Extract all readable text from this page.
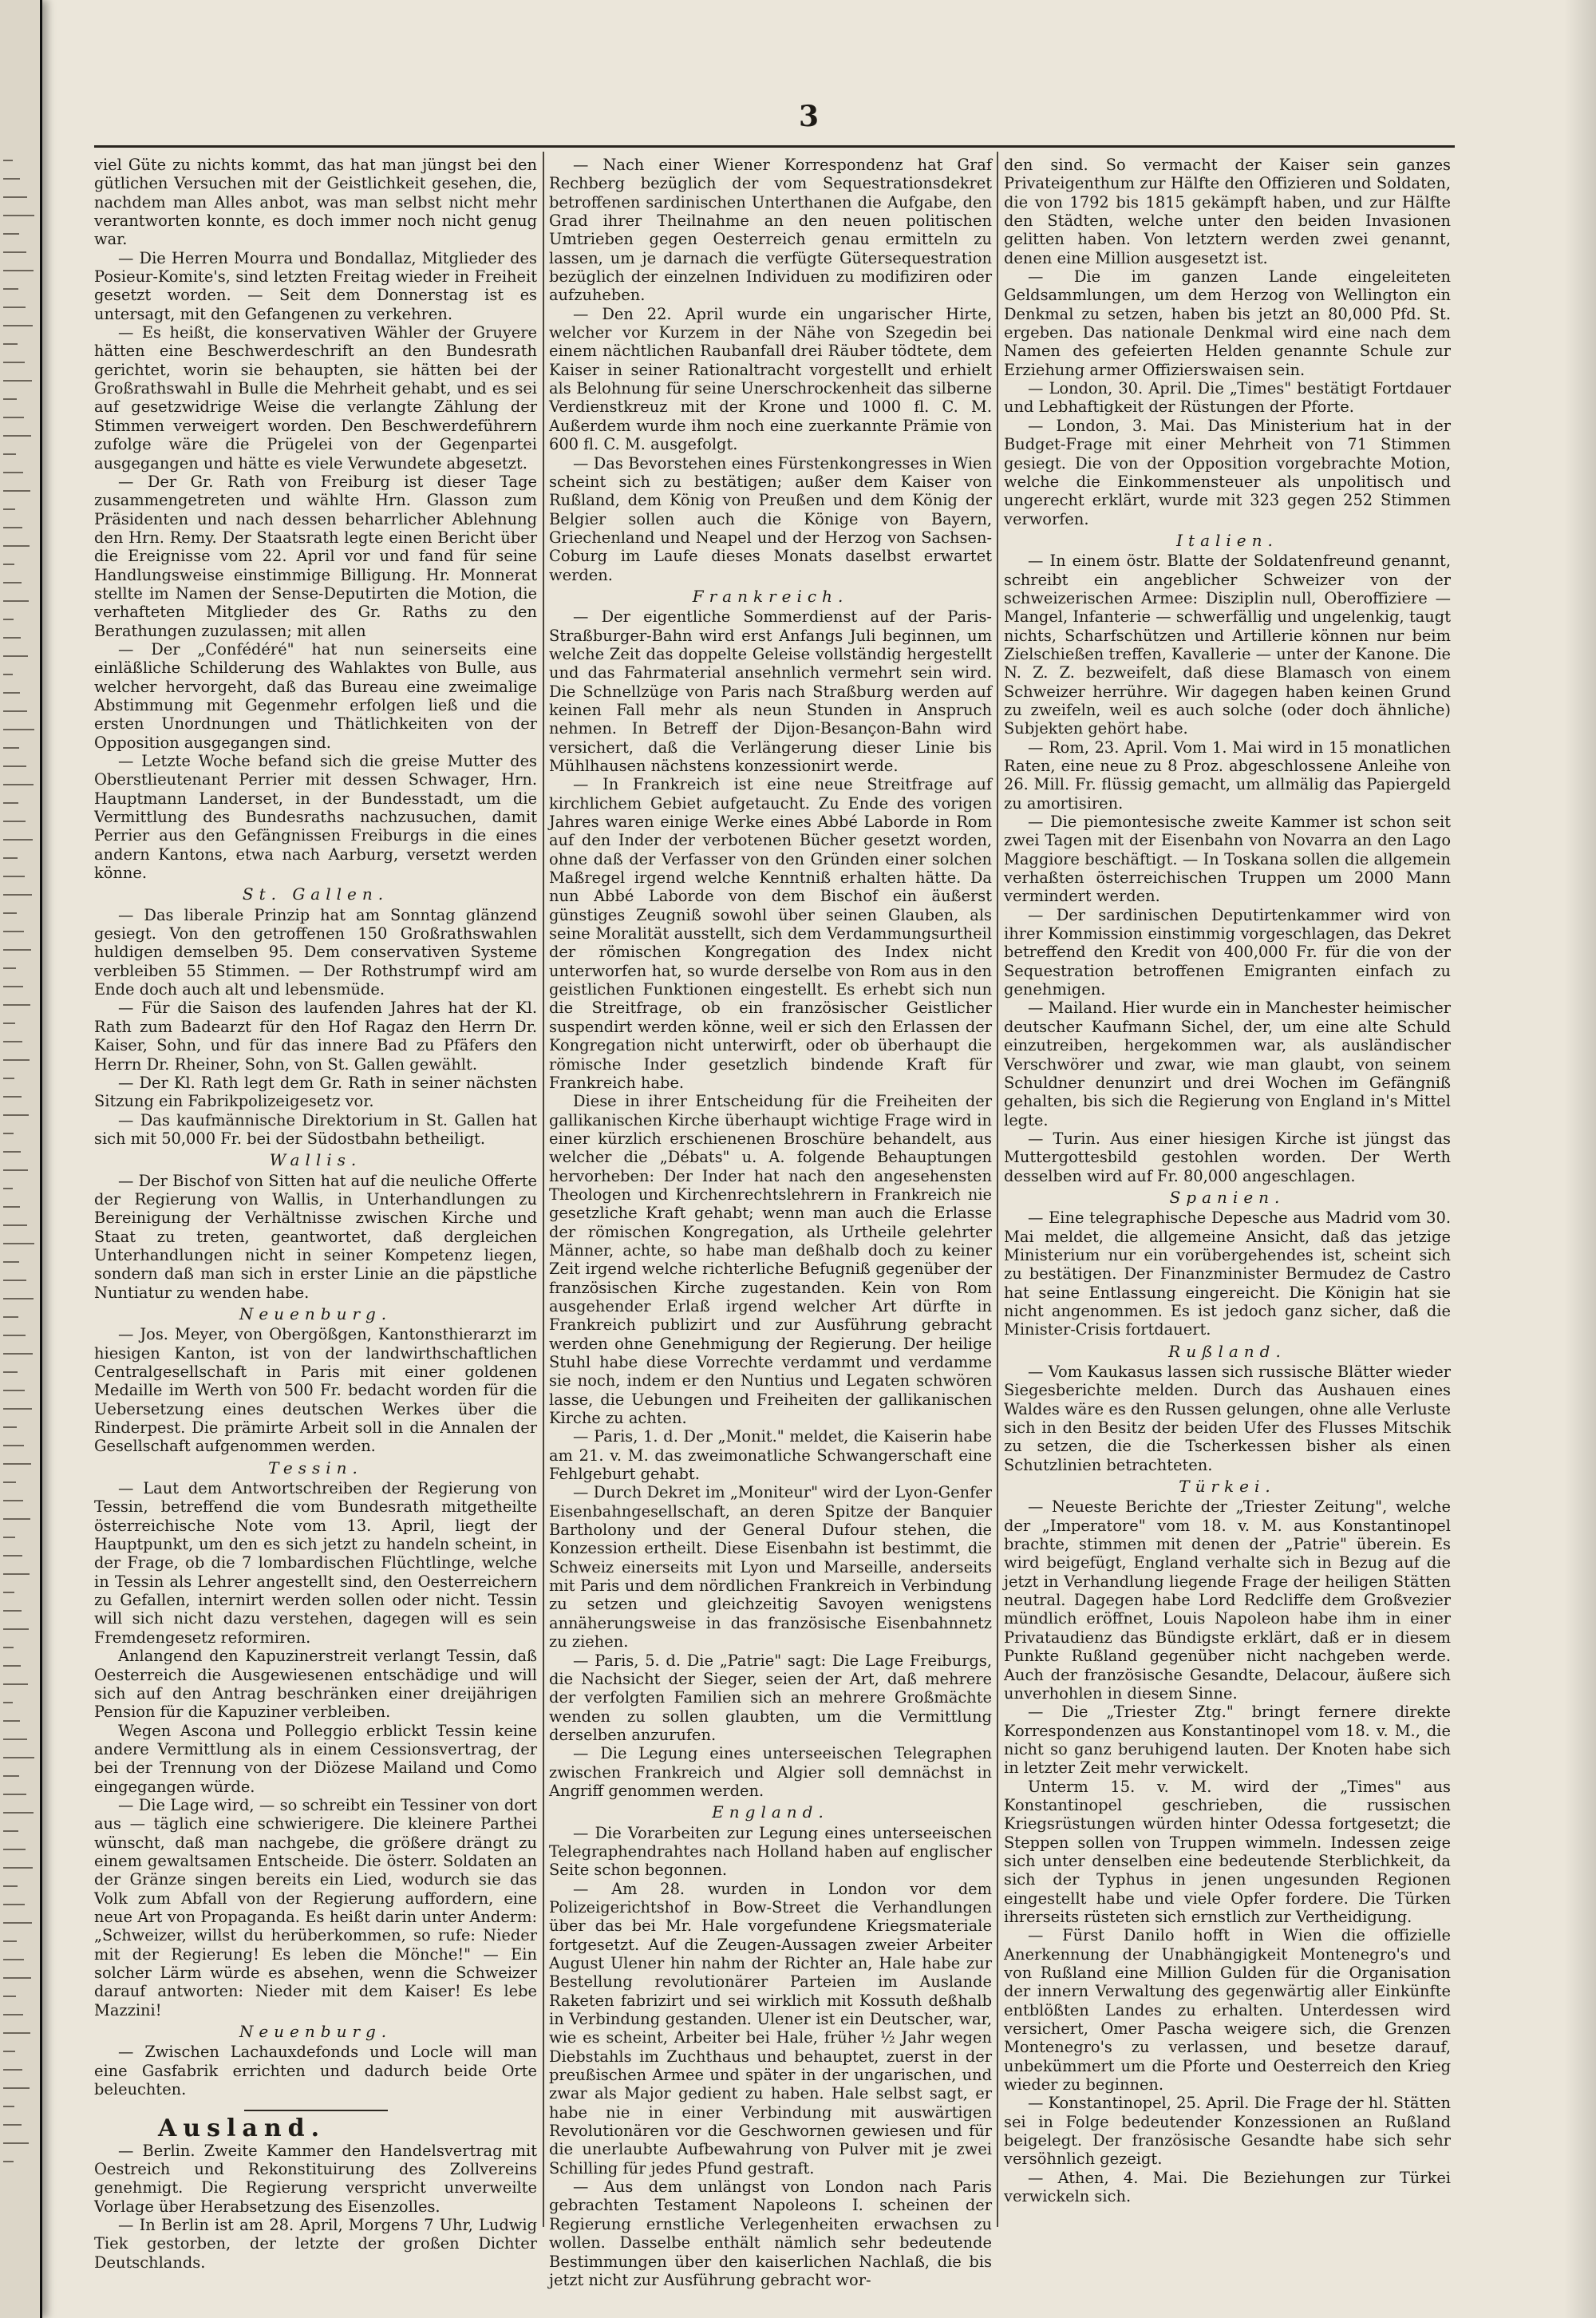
3

viel Güte zu nichts kommt, das hat man jüngst bei den gütlichen Versuchen mit der Geistlichkeit gesehen, die, nachdem man Alles anbot, was man selbst nicht mehr verantworten konnte, es doch immer noch nicht genug war.

— Die Herren Mourra und Bondallaz, Mitglieder des Posieur-Komite's, sind letzten Freitag wieder in Freiheit gesetzt worden. — Seit dem Donnerstag ist es untersagt, mit den Gefangenen zu verkehren.

— Es heißt, die konservativen Wähler der Gruyere hätten eine Beschwerdeschrift an den Bundesrath gerichtet, worin sie behaupten, sie hätten bei der Großrathswahl in Bulle die Mehrheit gehabt, und es sei auf gesetzwidrige Weise die verlangte Zählung der Stimmen verweigert worden. Den Beschwerdeführern zufolge wäre die Prügelei von der Gegenpartei ausgegangen und hätte es viele Verwundete abgesetzt.

— Der Gr. Rath von Freiburg ist dieser Tage zusammengetreten und wählte Hrn. Glasson zum Präsidenten und nach dessen beharrlicher Ablehnung den Hrn. Remy. Der Staatsrath legte einen Bericht über die Ereignisse vom 22. April vor und fand für seine Handlungsweise einstimmige Billigung. Hr. Monnerat stellte im Namen der Sense-Deputirten die Motion, die verhafteten Mitglieder des Gr. Raths zu den Berathungen zuzulassen; mit allen

— Der „Confédéré" hat nun seinerseits eine einläßliche Schilderung des Wahlaktes von Bulle, aus welcher hervorgeht, daß das Bureau eine zweimalige Abstimmung mit Gegenmehr erfolgen ließ und die ersten Unordnungen und Thätlichkeiten von der Opposition ausgegangen sind.

— Letzte Woche befand sich die greise Mutter des Oberstlieutenant Perrier mit dessen Schwager, Hrn. Hauptmann Landerset, in der Bundesstadt, um die Vermittlung des Bundesraths nachzusuchen, damit Perrier aus den Gefängnissen Freiburgs in die eines andern Kantons, etwa nach Aarburg, versetzt werden könne.

St. Gallen.

— Das liberale Prinzip hat am Sonntag glänzend gesiegt. Von den getroffenen 150 Großrathswahlen huldigen demselben 95. Dem conservativen Systeme verbleiben 55 Stimmen. — Der Rothstrumpf wird am Ende doch auch alt und lebensmüde.

— Für die Saison des laufenden Jahres hat der Kl. Rath zum Badearzt für den Hof Ragaz den Herrn Dr. Kaiser, Sohn, und für das innere Bad zu Pfäfers den Herrn Dr. Rheiner, Sohn, von St. Gallen gewählt.

— Der Kl. Rath legt dem Gr. Rath in seiner nächsten Sitzung ein Fabrikpolizeigesetz vor.

— Das kaufmännische Direktorium in St. Gallen hat sich mit 50,000 Fr. bei der Südostbahn betheiligt.

Wallis.

— Der Bischof von Sitten hat auf die neuliche Offerte der Regierung von Wallis, in Unterhandlungen zu Bereinigung der Verhältnisse zwischen Kirche und Staat zu treten, geantwortet, daß dergleichen Unterhandlungen nicht in seiner Kompetenz liegen, sondern daß man sich in erster Linie an die päpstliche Nuntiatur zu wenden habe.

Neuenburg.

— Jos. Meyer, von Obergößgen, Kantonsthierarzt im hiesigen Kanton, ist von der landwirthschaftlichen Centralgesellschaft in Paris mit einer goldenen Medaille im Werth von 500 Fr. bedacht worden für die Uebersetzung eines deutschen Werkes über die Rinderpest. Die prämirte Arbeit soll in die Annalen der Gesellschaft aufgenommen werden.

Tessin.

— Laut dem Antwortschreiben der Regierung von Tessin, betreffend die vom Bundesrath mitgetheilte österreichische Note vom 13. April, liegt der Hauptpunkt, um den es sich jetzt zu handeln scheint, in der Frage, ob die 7 lombardischen Flüchtlinge, welche in Tessin als Lehrer angestellt sind, den Oesterreichern zu Gefallen, internirt werden sollen oder nicht. Tessin will sich nicht dazu verstehen, dagegen will es sein Fremdengesetz reformiren.

Anlangend den Kapuzinerstreit verlangt Tessin, daß Oesterreich die Ausgewiesenen entschädige und will sich auf den Antrag beschränken einer dreijährigen Pension für die Kapuziner verbleiben.

Wegen Ascona und Polleggio erblickt Tessin keine andere Vermittlung als in einem Cessionsvertrag, der bei der Trennung von der Diözese Mailand und Como eingegangen würde.

— Die Lage wird, — so schreibt ein Tessiner von dort aus — täglich eine schwierigere. Die kleinere Parthei wünscht, daß man nachgebe, die größere drängt zu einem gewaltsamen Entscheide. Die österr. Soldaten an der Gränze singen bereits ein Lied, wodurch sie das Volk zum Abfall von der Regierung auffordern, eine neue Art von Propaganda. Es heißt darin unter Anderm: „Schweizer, willst du herüberkommen, so rufe: Nieder mit der Regierung! Es leben die Mönche!" — Ein solcher Lärm würde es absehen, wenn die Schweizer darauf antworten: Nieder mit dem Kaiser! Es lebe Mazzini!

Neuenburg.

— Zwischen Lachauxdefonds und Locle will man eine Gasfabrik errichten und dadurch beide Orte beleuchten.

Ausland.

— Berlin. Zweite Kammer den Handelsvertrag mit Oestreich und Rekonstituirung des Zollvereins genehmigt. Die Regierung verspricht unverweilte Vorlage über Herabsetzung des Eisenzolles.

— In Berlin ist am 28. April, Morgens 7 Uhr, Ludwig Tiek gestorben, der letzte der großen Dichter Deutschlands.

— Nach einer Wiener Korrespondenz hat Graf Rechberg bezüglich der vom Sequestrationsdekret betroffenen sardinischen Unterthanen die Aufgabe, den Grad ihrer Theilnahme an den neuen politischen Umtrieben gegen Oesterreich genau ermitteln zu lassen, um je darnach die verfügte Gütersequestration bezüglich der einzelnen Individuen zu modifiziren oder aufzuheben.

— Den 22. April wurde ein ungarischer Hirte, welcher vor Kurzem in der Nähe von Szegedin bei einem nächtlichen Raubanfall drei Räuber tödtete, dem Kaiser in seiner Rationaltracht vorgestellt und erhielt als Belohnung für seine Unerschrockenheit das silberne Verdienstkreuz mit der Krone und 1000 fl. C. M. Außerdem wurde ihm noch eine zuerkannte Prämie von 600 fl. C. M. ausgefolgt.

— Das Bevorstehen eines Fürstenkongresses in Wien scheint sich zu bestätigen; außer dem Kaiser von Rußland, dem König von Preußen und dem König der Belgier sollen auch die Könige von Bayern, Griechenland und Neapel und der Herzog von Sachsen-Coburg im Laufe dieses Monats daselbst erwartet werden.

Frankreich.

— Der eigentliche Sommerdienst auf der Paris-Straßburger-Bahn wird erst Anfangs Juli beginnen, um welche Zeit das doppelte Geleise vollständig hergestellt und das Fahrmaterial ansehnlich vermehrt sein wird. Die Schnellzüge von Paris nach Straßburg werden auf keinen Fall mehr als neun Stunden in Anspruch nehmen. In Betreff der Dijon-Besançon-Bahn wird versichert, daß die Verlängerung dieser Linie bis Mühlhausen nächstens konzessionirt werde.

— In Frankreich ist eine neue Streitfrage auf kirchlichem Gebiet aufgetaucht. Zu Ende des vorigen Jahres waren einige Werke eines Abbé Laborde in Rom auf den Inder der verbotenen Bücher gesetzt worden, ohne daß der Verfasser von den Gründen einer solchen Maßregel irgend welche Kenntniß erhalten hätte. Da nun Abbé Laborde von dem Bischof ein äußerst günstiges Zeugniß sowohl über seinen Glauben, als seine Moralität ausstellt, sich dem Verdammungsurtheil der römischen Kongregation des Index nicht unterworfen hat, so wurde derselbe von Rom aus in den geistlichen Funktionen eingestellt. Es erhebt sich nun die Streitfrage, ob ein französischer Geistlicher suspendirt werden könne, weil er sich den Erlassen der Kongregation nicht unterwirft, oder ob überhaupt die römische Inder gesetzlich bindende Kraft für Frankreich habe.

Diese in ihrer Entscheidung für die Freiheiten der gallikanischen Kirche überhaupt wichtige Frage wird in einer kürzlich erschienenen Broschüre behandelt, aus welcher die „Débats" u. A. folgende Behauptungen hervorheben: Der Inder hat nach den angesehensten Theologen und Kirchenrechtslehrern in Frankreich nie gesetzliche Kraft gehabt; wenn man auch die Erlasse der römischen Kongregation, als Urtheile gelehrter Männer, achte, so habe man deßhalb doch zu keiner Zeit irgend welche richterliche Befugniß gegenüber der französischen Kirche zugestanden. Kein von Rom ausgehender Erlaß irgend welcher Art dürfte in Frankreich publizirt und zur Ausführung gebracht werden ohne Genehmigung der Regierung. Der heilige Stuhl habe diese Vorrechte verdammt und verdamme sie noch, indem er den Nuntius und Legaten schwören lasse, die Uebungen und Freiheiten der gallikanischen Kirche zu achten.

— Paris, 1. d. Der „Monit." meldet, die Kaiserin habe am 21. v. M. das zweimonatliche Schwangerschaft eine Fehlgeburt gehabt.

— Durch Dekret im „Moniteur" wird der Lyon-Genfer Eisenbahngesellschaft, an deren Spitze der Banquier Bartholony und der General Dufour stehen, die Konzession ertheilt. Diese Eisenbahn ist bestimmt, die Schweiz einerseits mit Lyon und Marseille, anderseits mit Paris und dem nördlichen Frankreich in Verbindung zu setzen und gleichzeitig Savoyen wenigstens annäherungsweise in das französische Eisenbahnnetz zu ziehen.

— Paris, 5. d. Die „Patrie" sagt: Die Lage Freiburgs, die Nachsicht der Sieger, seien der Art, daß mehrere der verfolgten Familien sich an mehrere Großmächte wenden zu sollen glaubten, um die Vermittlung derselben anzurufen.

— Die Legung eines unterseeischen Telegraphen zwischen Frankreich und Algier soll demnächst in Angriff genommen werden.

England.

— Die Vorarbeiten zur Legung eines unterseeischen Telegraphendrahtes nach Holland haben auf englischer Seite schon begonnen.

— Am 28. wurden in London vor dem Polizeigerichtshof in Bow-Street die Verhandlungen über das bei Mr. Hale vorgefundene Kriegsmateriale fortgesetzt. Auf die Zeugen-Aussagen zweier Arbeiter August Ulener hin nahm der Richter an, Hale habe zur Bestellung revolutionärer Parteien im Auslande Raketen fabrizirt und sei wirklich mit Kossuth deßhalb in Verbindung gestanden. Ulener ist ein Deutscher, war, wie es scheint, Arbeiter bei Hale, früher ½ Jahr wegen Diebstahls im Zuchthaus und behauptet, zuerst in der preußischen Armee und später in der ungarischen, und zwar als Major gedient zu haben. Hale selbst sagt, er habe nie in einer Verbindung mit auswärtigen Revolutionären vor die Geschwornen gewiesen und für die unerlaubte Aufbewahrung von Pulver mit je zwei Schilling für jedes Pfund gestraft.

— Aus dem unlängst von London nach Paris gebrachten Testament Napoleons I. scheinen der Regierung ernstliche Verlegenheiten erwachsen zu wollen. Dasselbe enthält nämlich sehr bedeutende Bestimmungen über den kaiserlichen Nachlaß, die bis jetzt nicht zur Ausführung gebracht wor-

den sind. So vermacht der Kaiser sein ganzes Privateigenthum zur Hälfte den Offizieren und Soldaten, die von 1792 bis 1815 gekämpft haben, und zur Hälfte den Städten, welche unter den beiden Invasionen gelitten haben. Von letztern werden zwei genannt, denen eine Million ausgesetzt ist.

— Die im ganzen Lande eingeleiteten Geldsammlungen, um dem Herzog von Wellington ein Denkmal zu setzen, haben bis jetzt an 80,000 Pfd. St. ergeben. Das nationale Denkmal wird eine nach dem Namen des gefeierten Helden genannte Schule zur Erziehung armer Offizierswaisen sein.

— London, 30. April. Die „Times" bestätigt Fortdauer und Lebhaftigkeit der Rüstungen der Pforte.

— London, 3. Mai. Das Ministerium hat in der Budget-Frage mit einer Mehrheit von 71 Stimmen gesiegt. Die von der Opposition vorgebrachte Motion, welche die Einkommensteuer als unpolitisch und ungerecht erklärt, wurde mit 323 gegen 252 Stimmen verworfen.

Italien.

— In einem östr. Blatte der Soldatenfreund genannt, schreibt ein angeblicher Schweizer von der schweizerischen Armee: Disziplin null, Oberoffiziere — Mangel, Infanterie — schwerfällig und ungelenkig, taugt nichts, Scharfschützen und Artillerie können nur beim Zielschießen treffen, Kavallerie — unter der Kanone. Die N. Z. Z. bezweifelt, daß diese Blamasch von einem Schweizer herrühre. Wir dagegen haben keinen Grund zu zweifeln, weil es auch solche (oder doch ähnliche) Subjekten gehört habe.

— Rom, 23. April. Vom 1. Mai wird in 15 monatlichen Raten, eine neue zu 8 Proz. abgeschlossene Anleihe von 26. Mill. Fr. flüssig gemacht, um allmälig das Papiergeld zu amortisiren.

— Die piemontesische zweite Kammer ist schon seit zwei Tagen mit der Eisenbahn von Novarra an den Lago Maggiore beschäftigt. — In Toskana sollen die allgemein verhaßten österreichischen Truppen um 2000 Mann vermindert werden.

— Der sardinischen Deputirtenkammer wird von ihrer Kommission einstimmig vorgeschlagen, das Dekret betreffend den Kredit von 400,000 Fr. für die von der Sequestration betroffenen Emigranten einfach zu genehmigen.

— Mailand. Hier wurde ein in Manchester heimischer deutscher Kaufmann Sichel, der, um eine alte Schuld einzutreiben, hergekommen war, als ausländischer Verschwörer und zwar, wie man glaubt, von seinem Schuldner denunzirt und drei Wochen im Gefängniß gehalten, bis sich die Regierung von England in's Mittel legte.

— Turin. Aus einer hiesigen Kirche ist jüngst das Muttergottesbild gestohlen worden. Der Werth desselben wird auf Fr. 80,000 angeschlagen.

Spanien.

— Eine telegraphische Depesche aus Madrid vom 30. Mai meldet, die allgemeine Ansicht, daß das jetzige Ministerium nur ein vorübergehendes ist, scheint sich zu bestätigen. Der Finanzminister Bermudez de Castro hat seine Entlassung eingereicht. Die Königin hat sie nicht angenommen. Es ist jedoch ganz sicher, daß die Minister-Crisis fortdauert.

Rußland.

— Vom Kaukasus lassen sich russische Blätter wieder Siegesberichte melden. Durch das Aushauen eines Waldes wäre es den Russen gelungen, ohne alle Verluste sich in den Besitz der beiden Ufer des Flusses Mitschik zu setzen, die die Tscherkessen bisher als einen Schutzlinien betrachteten.

Türkei.

— Neueste Berichte der „Triester Zeitung", welche der „Imperatore" vom 18. v. M. aus Konstantinopel brachte, stimmen mit denen der „Patrie" überein. Es wird beigefügt, England verhalte sich in Bezug auf die jetzt in Verhandlung liegende Frage der heiligen Stätten neutral. Dagegen habe Lord Redcliffe dem Großvezier mündlich eröffnet, Louis Napoleon habe ihm in einer Privataudienz das Bündigste erklärt, daß er in diesem Punkte Rußland gegenüber nicht nachgeben werde. Auch der französische Gesandte, Delacour, äußere sich unverhohlen in diesem Sinne.

— Die „Triester Ztg." bringt fernere direkte Korrespondenzen aus Konstantinopel vom 18. v. M., die nicht so ganz beruhigend lauten. Der Knoten habe sich in letzter Zeit mehr verwickelt.

Unterm 15. v. M. wird der „Times" aus Konstantinopel geschrieben, die russischen Kriegsrüstungen würden hinter Odessa fortgesetzt; die Steppen sollen von Truppen wimmeln. Indessen zeige sich unter denselben eine bedeutende Sterblichkeit, da sich der Typhus in jenen ungesunden Regionen eingestellt habe und viele Opfer fordere. Die Türken ihrerseits rüsteten sich ernstlich zur Vertheidigung.

— Fürst Danilo hofft in Wien die offizielle Anerkennung der Unabhängigkeit Montenegro's und von Rußland eine Million Gulden für die Organisation der innern Verwaltung des gegenwärtig aller Einkünfte entblößten Landes zu erhalten. Unterdessen wird versichert, Omer Pascha weigere sich, die Grenzen Montenegro's zu verlassen, und besetze darauf, unbekümmert um die Pforte und Oesterreich den Krieg wieder zu beginnen.

— Konstantinopel, 25. April. Die Frage der hl. Stätten sei in Folge bedeutender Konzessionen an Rußland beigelegt. Der französische Gesandte habe sich sehr versöhnlich gezeigt.

— Athen, 4. Mai. Die Beziehungen zur Türkei verwickeln sich.
